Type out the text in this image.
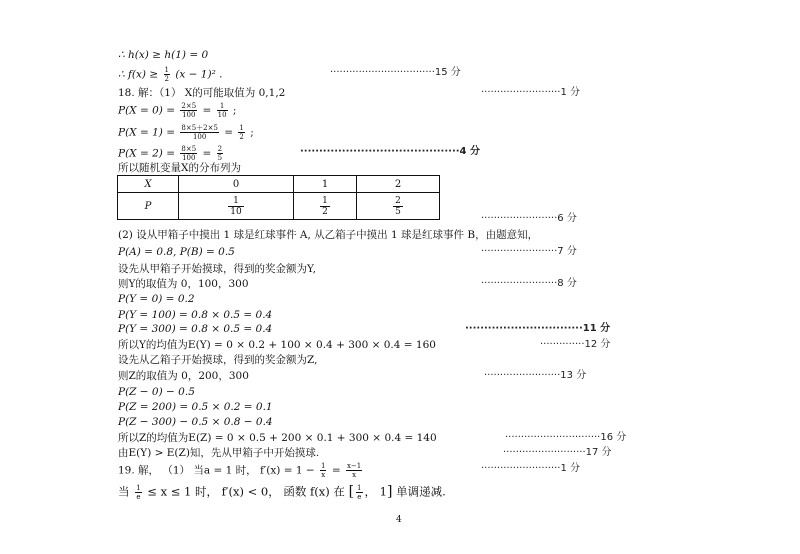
∴ h(x) ≥ h(1) = 0
∴ $f(x) \ge \frac{1}{2} (x - 1)^2$ .	·································15 分
18. 解：（1） X的可能取值为 0,1,2	·························1 分
$P(X = 0) = \frac{2\times 5}{100} = \frac{1}{10}$ ;
$P(X = 1) = \frac{8\times 5+2\times 5}{100} = \frac{1}{2}$ ;
$P(X = 2) = \frac{8\times 5}{100} = \frac{2}{5}$	··········································4 分
所以随机变量X的分布列为
X	0	1	2
P	$\frac{1}{10}$	$\frac{1}{2}$	$\frac{2}{5}$
························6 分
(2) 设从甲箱子中摸出 1 球是红球事件 A, 从乙箱子中摸出 1 球是红球事件 B，由题意知，
P(A) = 0.8, P(B) = 0.5	························7 分
设先从甲箱子开始摸球，得到的奖金额为Y,
则Y的取值为 0，100，300	························8 分
P(Y = 0) = 0.2
P(Y = 100) = 0.8 × 0.5 = 0.4
P(Y = 300) = 0.8 × 0.5 = 0.4	·······························11 分
所以Y的均值为E(Y) = 0 × 0.2 + 100 × 0.4 + 300 × 0.4 = 160	··············12 分
设先从乙箱子开始摸球，得到的奖金额为Z,
则Z的取值为 0，200，300	························13 分
P(Z − 0) − 0.5
P(Z = 200) = 0.5 × 0.2 = 0.1
P(Z − 300) − 0.5 × 0.8 − 0.4
所以Z的均值为E(Z) = 0 × 0.5 + 200 × 0.1 + 300 × 0.4 = 140	······························16 分
由E(Y) > E(Z)知，先从甲箱子中开始摸球.	··························17 分
19. 解， （1） 当a = 1 时， $f'(x) = 1 - \frac{1}{x} = \frac{x-1}{x}$	·························1 分
当 $\frac{1}{e} \le x \le 1$ 时， f′(x) < 0， 函数 f(x) 在 [ $\frac{1}{e}$ ， 1] 单调递减.
4
